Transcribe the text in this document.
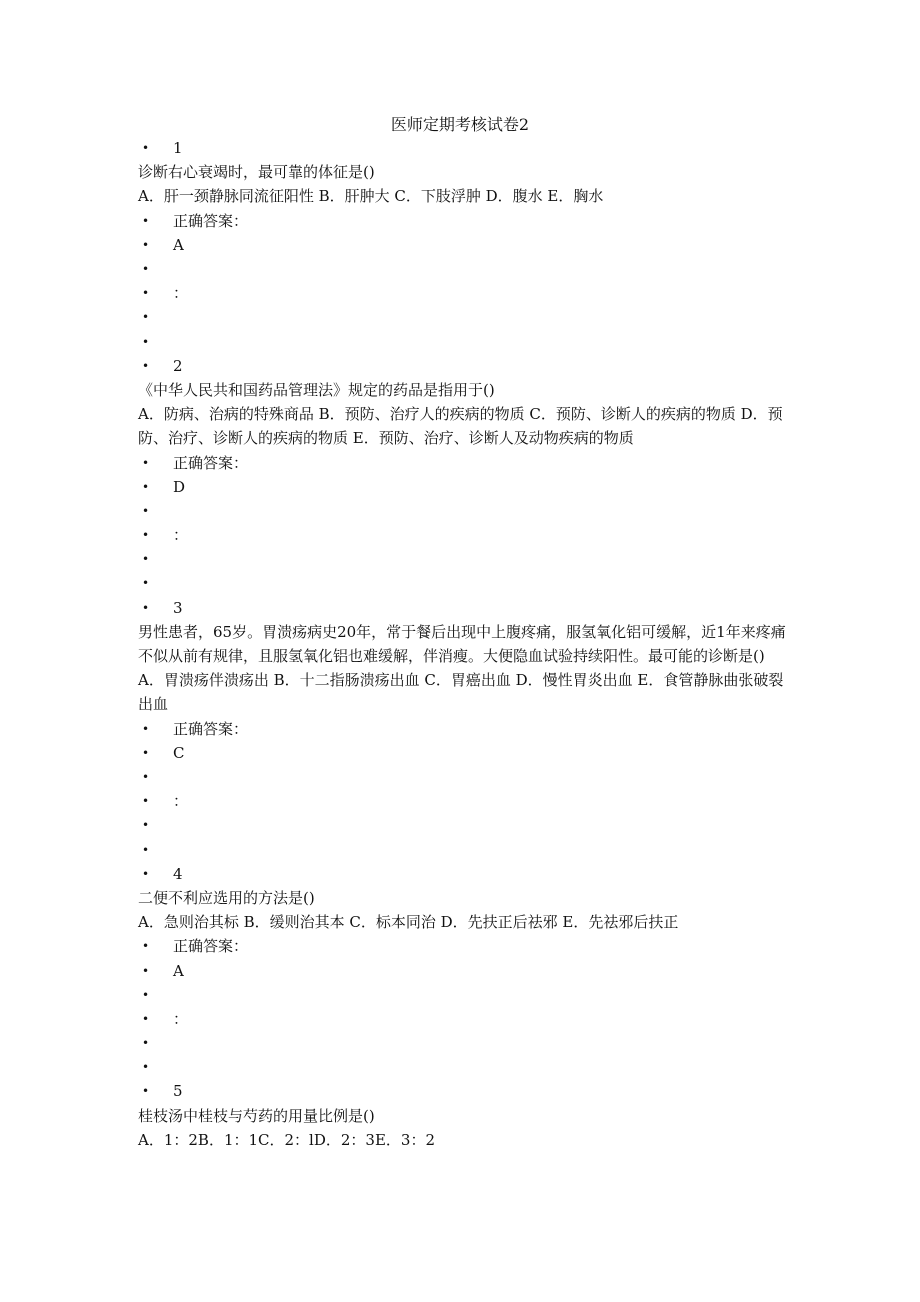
医师定期考核试卷2
• 1

诊断右心衰竭时，最可靠的体征是()

A．肝一颈静脉同流征阳性 B．肝肿大 C．下肢浮肿 D．腹水 E．胸水

• 正确答案：
• A
•
• ：
•
•
• 2

《中华人民共和国药品管理法》规定的药品是指用于()

A．防病、治病的特殊商品 B．预防、治疗人的疾病的物质 C．预防、诊断人的疾病的物质 D．预防、治疗、诊断人的疾病的物质 E．预防、治疗、诊断人及动物疾病的物质

• 正确答案：
• D
•
• ：
•
•
• 3

男性患者，65岁。胃溃疡病史20年，常于餐后出现中上腹疼痛，服氢氧化铝可缓解，近1年来疼痛不似从前有规律，且服氢氧化铝也难缓解，伴消瘦。大便隐血试验持续阳性。最可能的诊断是()

A．胃溃疡伴溃疡出 B．十二指肠溃疡出血 C．胃癌出血 D．慢性胃炎出血 E．食管静脉曲张破裂出血

• 正确答案：
• C
•
• ：
•
•
• 4

二便不利应选用的方法是()

A．急则治其标 B．缓则治其本 C．标本同治 D．先扶正后祛邪 E．先祛邪后扶正

• 正确答案：
• A
•
• ：
•
•
• 5

桂枝汤中桂枝与芍药的用量比例是()

A．1：2B．1：1C．2：lD．2：3E．3：2
